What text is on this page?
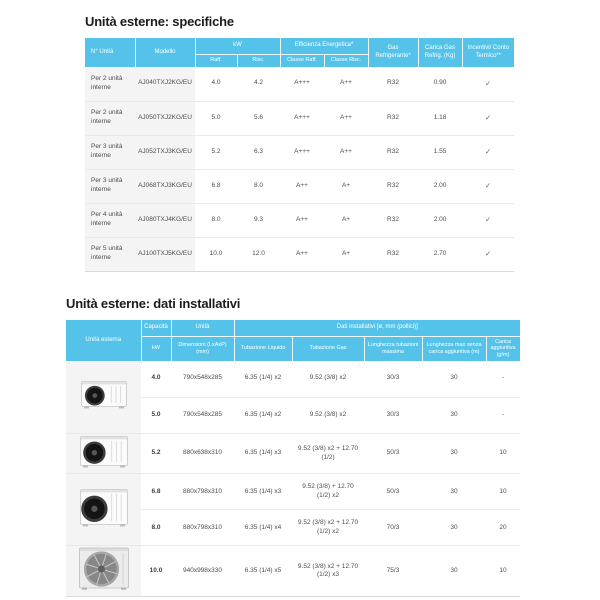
Unità esterne: specifiche
N° Unità	Modello	kW		Efficienza Energetica*		Gas Refrigerante*	Carica Gas Refrig. (Kg)	Incentivi/ Conto Termico**
		Raff.	Risc.	Classe Raff.	Classe Risc.			
Per 2 unità interne	AJ040TXJ2KG/EU	4.0	4.2	A+++	A++	R32	0.90	✓
Per 2 unità interne	AJ050TXJ2KG/EU	5.0	5.6	A+++	A++	R32	1.18	✓
Per 3 unità interne	AJ052TXJ3KG/EU	5.2	6.3	A+++	A++	R32	1.55	✓
Per 3 unità interne	AJ068TXJ3KG/EU	6.8	8.0	A++	A+	R32	2.00	✓
Per 4 unità interne	AJ080TXJ4KG/EU	8.0	9.3	A++	A+	R32	2.00	✓
Per 5 unità interne	AJ100TXJ5KG/EU	10.0	12.0	A++	A+	R32	2.70	✓
Unità esterne: dati installativi
Unità esterna	Capacità	Unità	Dati installativi [ø, mm (pollici)]				
	kW	Dimensioni (LxAxP)(mm)	Tubazione Liquido	Tubazione Gas	Lunghezza tubazioni massima	Lunghezza max senza carica aggiuntiva (m)	Carica aggiuntiva (g/m)
	4.0	790x548x285	6.35 (1/4) x2	9.52 (3/8) x2	30/3	30	-
	5.0	790x548x285	6.35 (1/4) x2	9.52 (3/8) x2	30/3	30	-
	5.2	880x638x310	6.35 (1/4) x3	9.52 (3/8) x2 + 12.70 (1/2)	50/3	30	10
	6.8	880x798x310	6.35 (1/4) x3	9.52 (3/8) + 12.70 (1/2) x2	50/3	30	10
	8.0	880x798x310	6.35 (1/4) x4	9.52 (3/8) x2 + 12.70 (1/2) x2	70/3	30	20
	10.0	940x998x330	6.35 (1/4) x5	9.52 (3/8) x2 + 12.70 (1/2) x3	75/3	30	10
